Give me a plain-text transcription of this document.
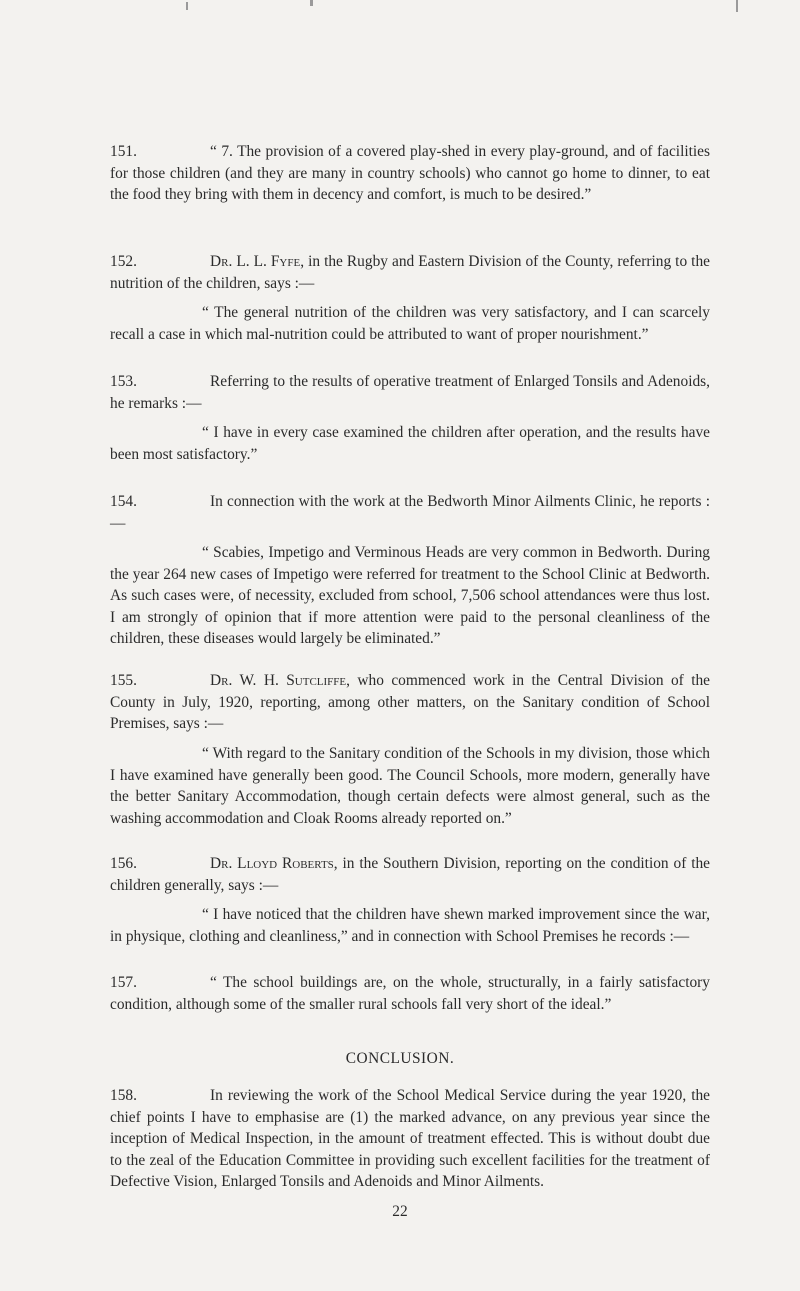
151.	“ 7. The provision of a covered play-shed in every play-ground, and of facilities for those children (and they are many in country schools) who cannot go home to dinner, to eat the food they bring with them in decency and comfort, is much to be desired.”

152.	Dr. L. L. Fyfe, in the Rugby and Eastern Division of the County, referring to the nutrition of the children, says :—

“ The general nutrition of the children was very satisfactory, and I can scarcely recall a case in which mal-nutrition could be attributed to want of proper nourishment.”

153.	Referring to the results of operative treatment of Enlarged Tonsils and Adenoids, he remarks :—

“ I have in every case examined the children after operation, and the results have been most satisfactory.”

154.	In connection with the work at the Bedworth Minor Ailments Clinic, he reports :—

“ Scabies, Impetigo and Verminous Heads are very common in Bedworth. During the year 264 new cases of Impetigo were referred for treatment to the School Clinic at Bedworth. As such cases were, of necessity, excluded from school, 7,506 school attendances were thus lost. I am strongly of opinion that if more attention were paid to the personal cleanliness of the children, these diseases would largely be eliminated.”

155.	Dr. W. H. Sutcliffe, who commenced work in the Central Division of the County in July, 1920, reporting, among other matters, on the Sanitary condition of School Premises, says :—

“ With regard to the Sanitary condition of the Schools in my division, those which I have examined have generally been good. The Council Schools, more modern, generally have the better Sanitary Accommodation, though certain defects were almost general, such as the washing accommodation and Cloak Rooms already reported on.”

156.	Dr. Lloyd Roberts, in the Southern Division, reporting on the condition of the children generally, says :—

“ I have noticed that the children have shewn marked improvement since the war, in physique, clothing and cleanliness,” and in connection with School Premises he records :—

157.	“ The school buildings are, on the whole, structurally, in a fairly satisfactory condition, although some of the smaller rural schools fall very short of the ideal.”

CONCLUSION.

158.	In reviewing the work of the School Medical Service during the year 1920, the chief points I have to emphasise are (1) the marked advance, on any previous year since the inception of Medical Inspection, in the amount of treatment effected. This is without doubt due to the zeal of the Education Committee in providing such excellent facilities for the treatment of Defective Vision, Enlarged Tonsils and Adenoids and Minor Ailments.

22
